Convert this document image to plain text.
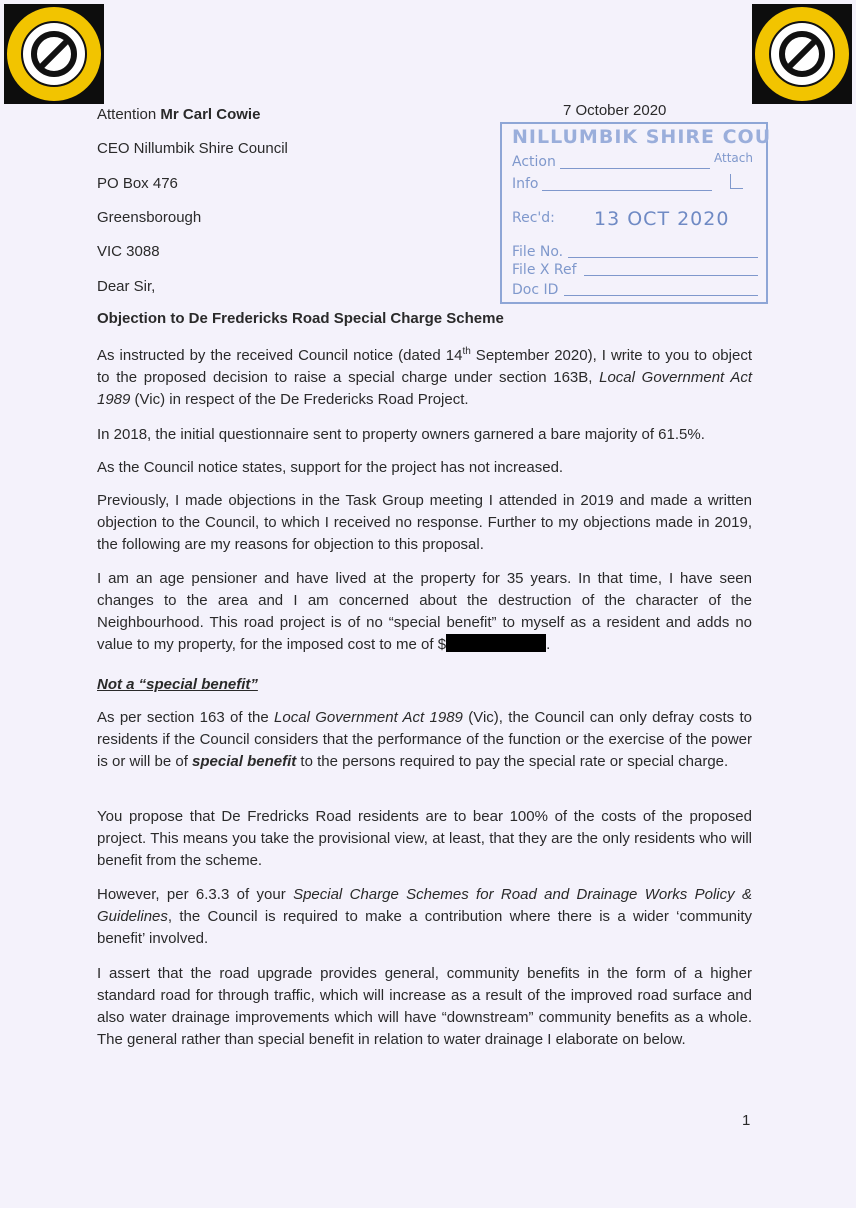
Attention Mr Carl Cowie
CEO Nillumbik Shire Council
PO Box 476
Greensborough
VIC 3088
Dear Sir,
7 October 2020
NILLUMBIK SHIRE COU
Action	Attach
Info
Rec'd: 13 OCT 2020
File No.
File X Ref
Doc ID
Objection to De Fredericks Road Special Charge Scheme
As instructed by the received Council notice (dated 14th September 2020), I write to you to object to the proposed decision to raise a special charge under section 163B, Local Government Act 1989 (Vic) in respect of the De Fredericks Road Project.
In 2018, the initial questionnaire sent to property owners garnered a bare majority of 61.5%.
As the Council notice states, support for the project has not increased.
Previously, I made objections in the Task Group meeting I attended in 2019 and made a written objection to the Council, to which I received no response. Further to my objections made in 2019, the following are my reasons for objection to this proposal.
I am an age pensioner and have lived at the property for 35 years. In that time, I have seen changes to the area and I am concerned about the destruction of the character of the Neighbourhood. This road project is of no “special benefit” to myself as a resident and adds no value to my property, for the imposed cost to me of $	.
Not a “special benefit”
As per section 163 of the Local Government Act 1989 (Vic), the Council can only defray costs to residents if the Council considers that the performance of the function or the exercise of the power is or will be of special benefit to the persons required to pay the special rate or special charge.
You propose that De Fredricks Road residents are to bear 100% of the costs of the proposed project. This means you take the provisional view, at least, that they are the only residents who will benefit from the scheme.
However, per 6.3.3 of your Special Charge Schemes for Road and Drainage Works Policy & Guidelines, the Council is required to make a contribution where there is a wider ‘community benefit’ involved.
I assert that the road upgrade provides general, community benefits in the form of a higher standard road for through traffic, which will increase as a result of the improved road surface and also water drainage improvements which will have “downstream” community benefits as a whole. The general rather than special benefit in relation to water drainage I elaborate on below.
1
